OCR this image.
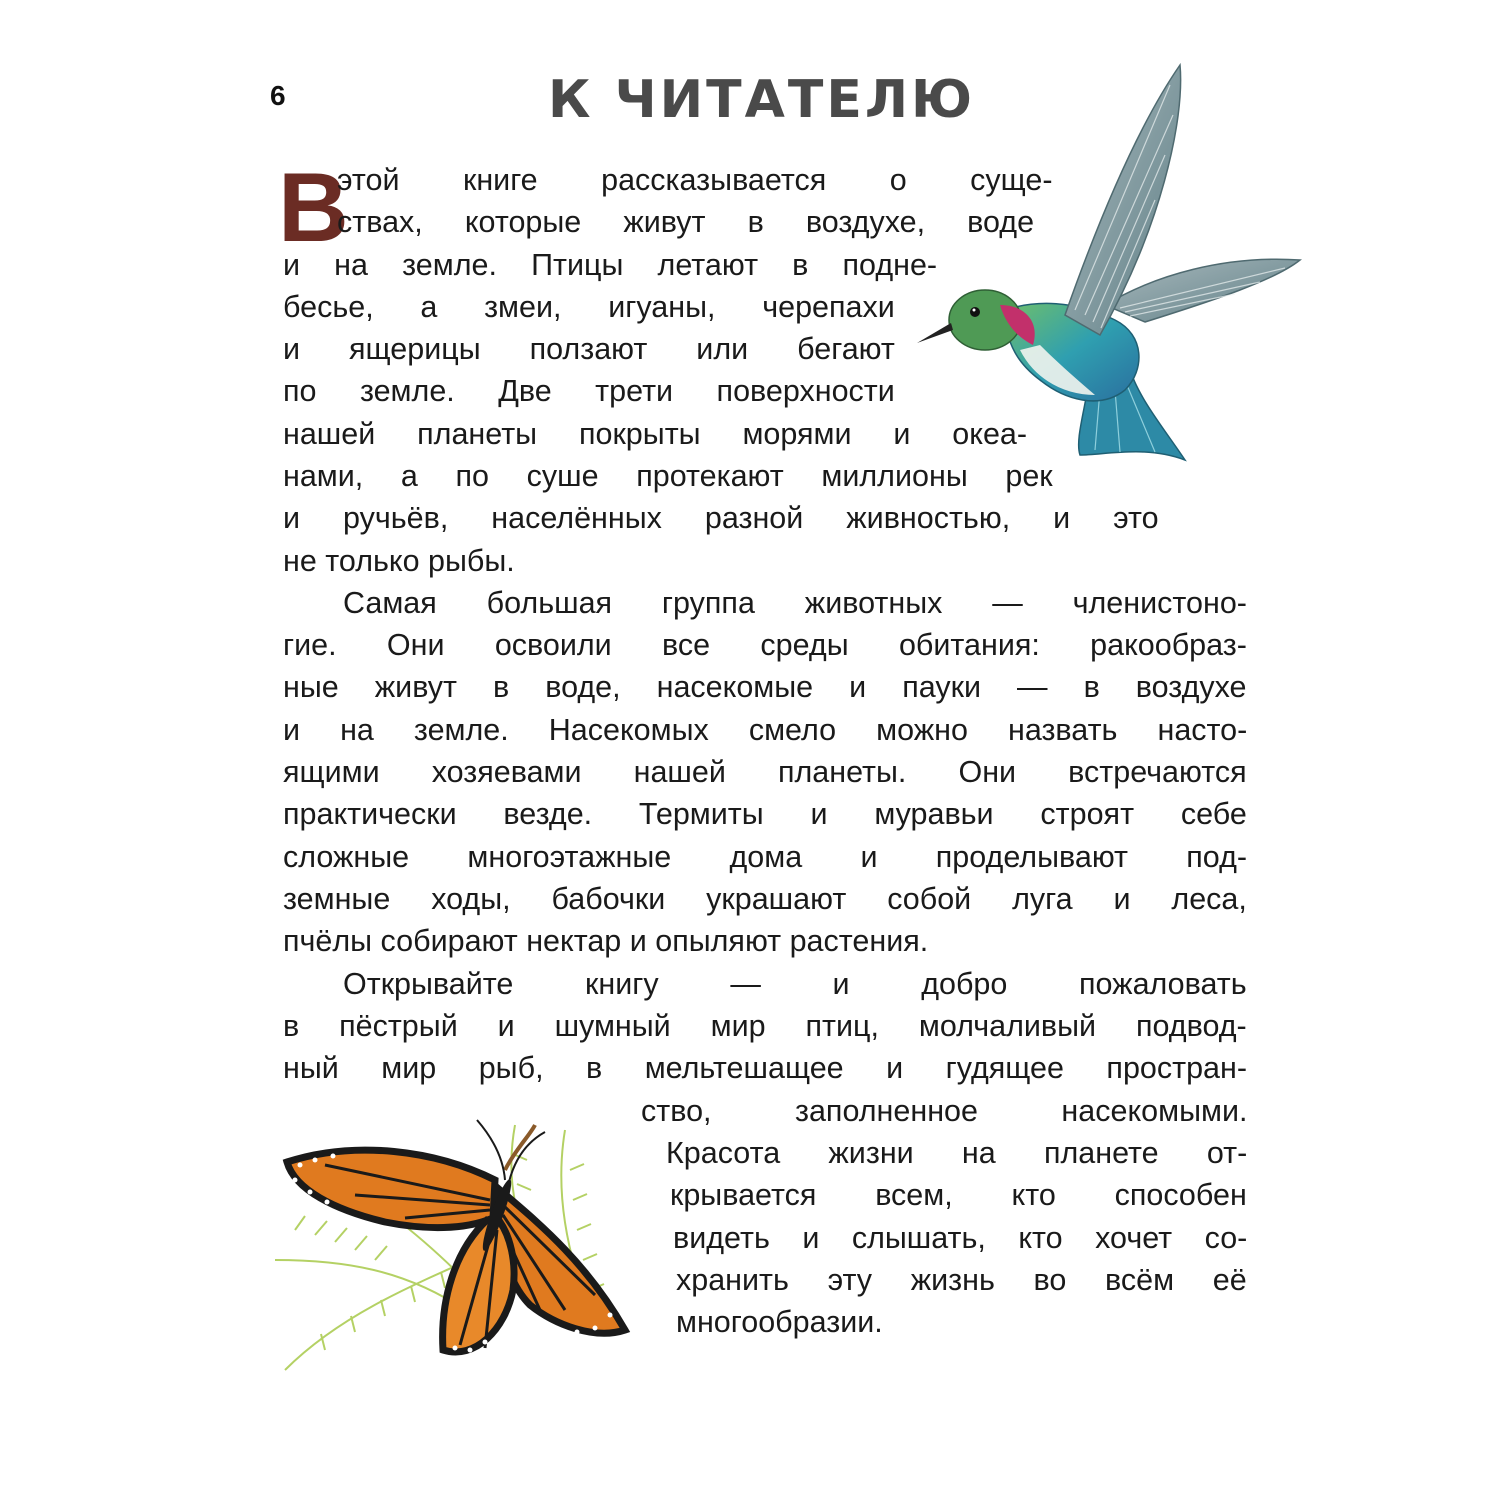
6	К ЧИТАТЕЛЮ
В
этой книге рассказывается о суще-
ствах, которые живут в воздухе, воде
и на земле. Птицы летают в подне-
бесье, а змеи, игуаны, черепахи
и ящерицы ползают или бегают
по земле. Две трети поверхности
нашей планеты покрыты морями и океа-
нами, а по суше протекают миллионы рек
и ручьёв, населённых разной живностью, и это
не только рыбы.
Самая большая группа животных — членистоно-
гие. Они освоили все среды обитания: ракообраз-
ные живут в воде, насекомые и пауки — в воздухе
и на земле. Насекомых смело можно назвать насто-
ящими хозяевами нашей планеты. Они встречаются
практически везде. Термиты и муравьи строят себе
сложные многоэтажные дома и проделывают под-
земные ходы, бабочки украшают собой луга и леса,
пчёлы собирают нектар и опыляют растения.
Открывайте книгу — и добро пожаловать
в пёстрый и шумный мир птиц, молчаливый подвод-
ный мир рыб, в мельтешащее и гудящее простран-
ство, заполненное насекомыми.
Красота жизни на планете от-
крывается всем, кто способен
видеть и слышать, кто хочет со-
хранить эту жизнь во всём её
многообразии.
